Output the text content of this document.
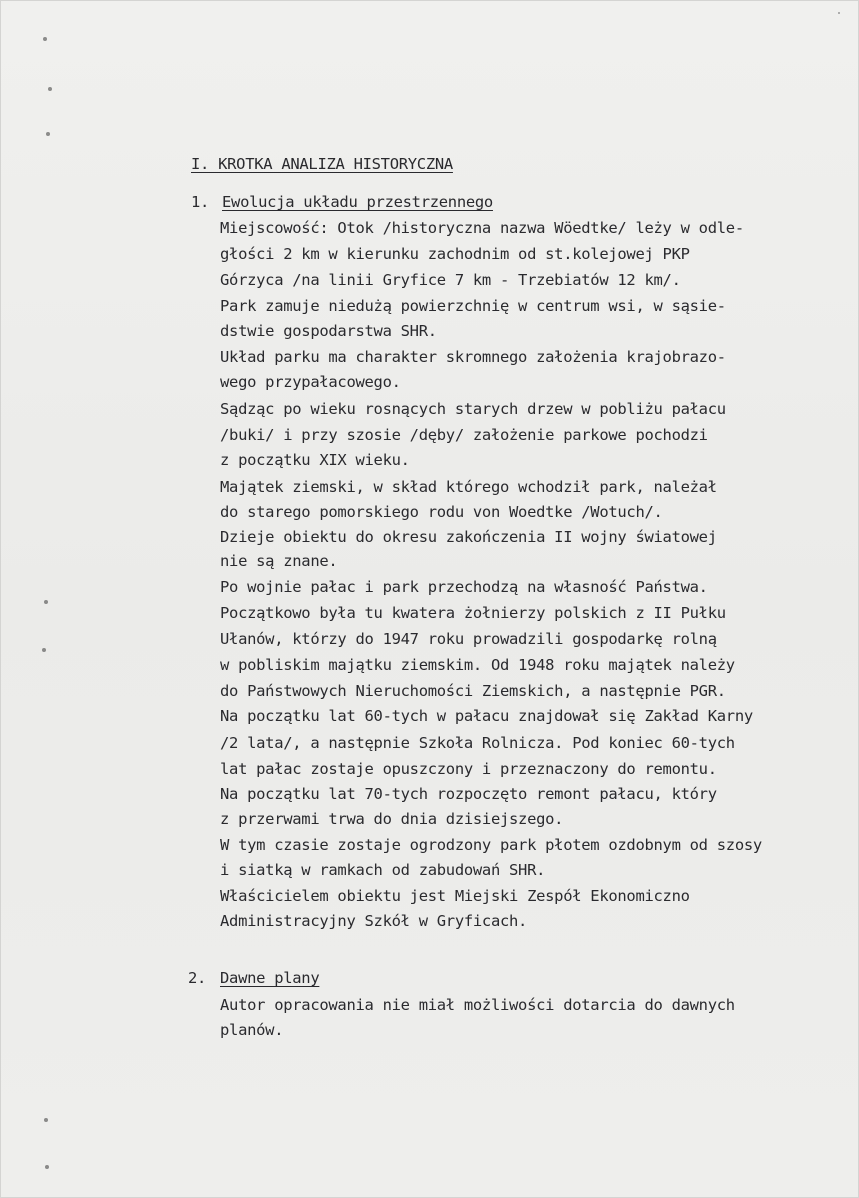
I. KROTKA ANALIZA HISTORYCZNA
1. Ewolucja układu przestrzennego
Miejscowość: Otok /historyczna nazwa Wöedtke/ leży w odle-
głości 2 km w kierunku zachodnim od st.kolejowej PKP
Górzyca /na linii Gryfice 7 km - Trzebiatów 12 km/.
Park zamuje niedużą powierzchnię w centrum wsi, w sąsie-
dstwie gospodarstwa SHR.
Układ parku ma charakter skromnego założenia krajobrazo-
wego przypałacowego.
Sądząc po wieku rosnących starych drzew w pobliżu pałacu
/buki/ i przy szosie /dęby/ założenie parkowe pochodzi
z początku XIX wieku.
Majątek ziemski, w skład którego wchodził park, należał
do starego pomorskiego rodu von Woedtke /Wotuch/.
Dzieje obiektu do okresu zakończenia II wojny światowej
nie są znane.
Po wojnie pałac i park przechodzą na własność Państwa.
Początkowo była tu kwatera żołnierzy polskich z II Pułku
Ułanów, którzy do 1947 roku prowadzili gospodarkę rolną
w pobliskim majątku ziemskim. Od 1948 roku majątek należy
do Państwowych Nieruchomości Ziemskich, a następnie PGR.
Na początku lat 60-tych w pałacu znajdował się Zakład Karny
/2 lata/, a następnie Szkoła Rolnicza. Pod koniec 60-tych
lat pałac zostaje opuszczony i przeznaczony do remontu.
Na początku lat 70-tych rozpoczęto remont pałacu, który
z przerwami trwa do dnia dzisiejszego.
W tym czasie zostaje ogrodzony park płotem ozdobnym od szosy
i siatką w ramkach od zabudowań SHR.
Właścicielem obiektu jest Miejski Zespół Ekonomiczno
Administracyjny Szkół w Gryficach.
2. Dawne plany
Autor opracowania nie miał możliwości dotarcia do dawnych
planów.
